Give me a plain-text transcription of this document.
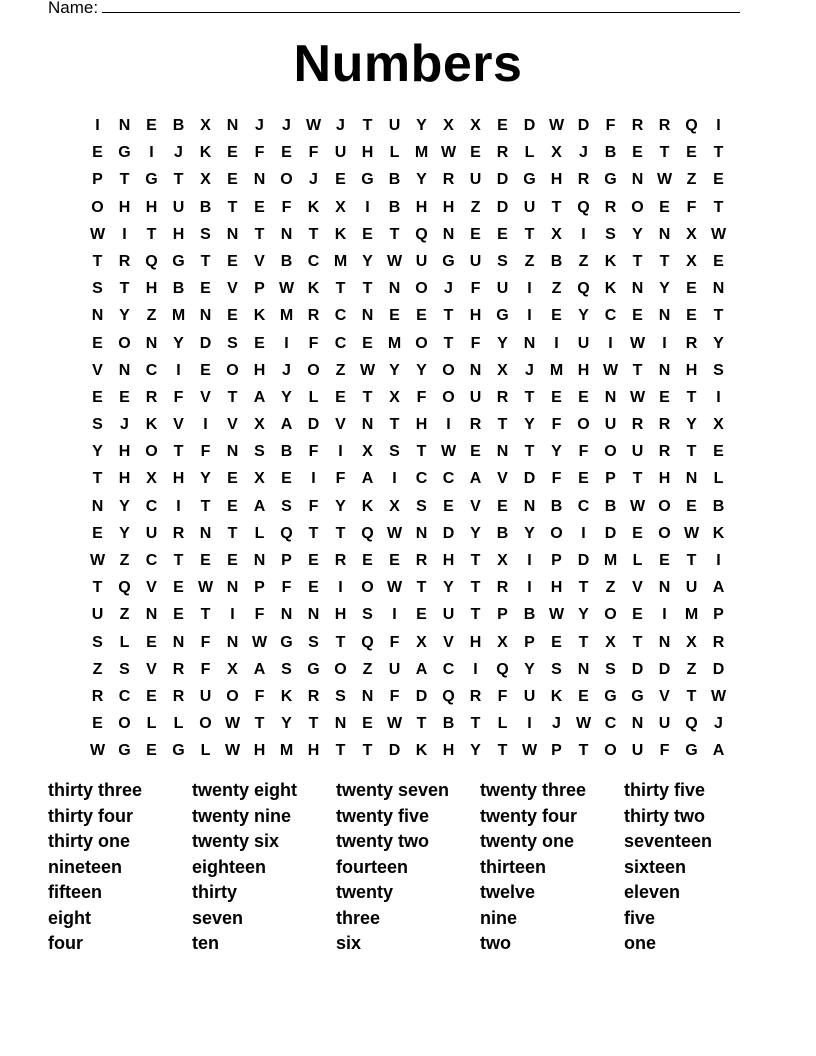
Name:
Numbers
I	N E B X N	J	J W J	T	U Y	X	X	E D W D	F	R R Q	I
E G	I	J	K E	F	E	F	U H	L M W E R	L	X	J	B E	T	E	T
P	T G T	X	E N O	J	E G B Y R U D G H R G N W Z	E
O H H U B	T	E	F	K X	I	B H H	Z	D U	T Q R O E	F	T
W	I	T	H S N	T	N	T	K E	T Q N E	E	T	X	I	S	Y N X W
T	R Q G T	E	V B C M Y W U G U S	Z	B	Z	K	T	T	X	E
S	T	H B E	V	P W K	T	T	N O	J	F	U	I	Z Q K N Y	E N
N Y	Z M N E K M R C N E	E	T	H G	I	E	Y C E N E	T
E O N Y D S	E	I	F	C E M O T	F	Y N	I	U	I	W	I	R Y
V N C	I	E O H	J	O Z W Y	Y O N X	J M H W T	N H S
E	E R	F	V	T	A Y	L	E	T	X	F O U R	T	E	E N W E	T	I
S	J	K V	I	V	X A D V N	T	H	I	R	T	Y	F O U R R Y	X
Y H O T	F	N S B	F	I	X	S	T W E N	T	Y	F O U R	T	E
T	H X H Y	E	X	E	I	F	A	I	C C A V D	F	E	P	T	H N	L
N Y C	I	T	E A S	F	Y K X	S	E	V	E N B C B W O E B
E	Y U R N	T	L Q T	T Q W N D Y B Y O	I	D E O W K
W Z	C	T	E	E N P	E R E	E R H	T	X	I	P D M L	E	T	I
T Q V	E W N P	F	E	I	O W T	Y	T	R	I	H	T	Z	V N U A
U	Z	N E	T	I	F	N N H S	I	E U	T	P B W Y O E	I	M P
S	L	E N	F	N W G S	T Q F	X	V H X	P	E	T	X	T	N X R
Z	S	V R	F	X A S G O Z	U A C	I	Q Y	S N S D D	Z	D
R C E R U O F	K R S N	F	D Q R	F	U K E G G V	T W
E O L	L O W T	Y	T	N E W T	B	T	L	I	J W C N U Q	J
W G E G L W H M H	T	T	D K H Y	T W P	T O U	F G A
thirty three	twenty eight	twenty seven	twenty three	thirty five
thirty four	twenty nine	twenty five	twenty four	thirty two
thirty one	twenty six	twenty two	twenty one	seventeen
nineteen	eighteen	fourteen	thirteen	sixteen
fifteen	thirty	twenty	twelve	eleven
eight	seven	three	nine	five
four	ten	six	two	one
